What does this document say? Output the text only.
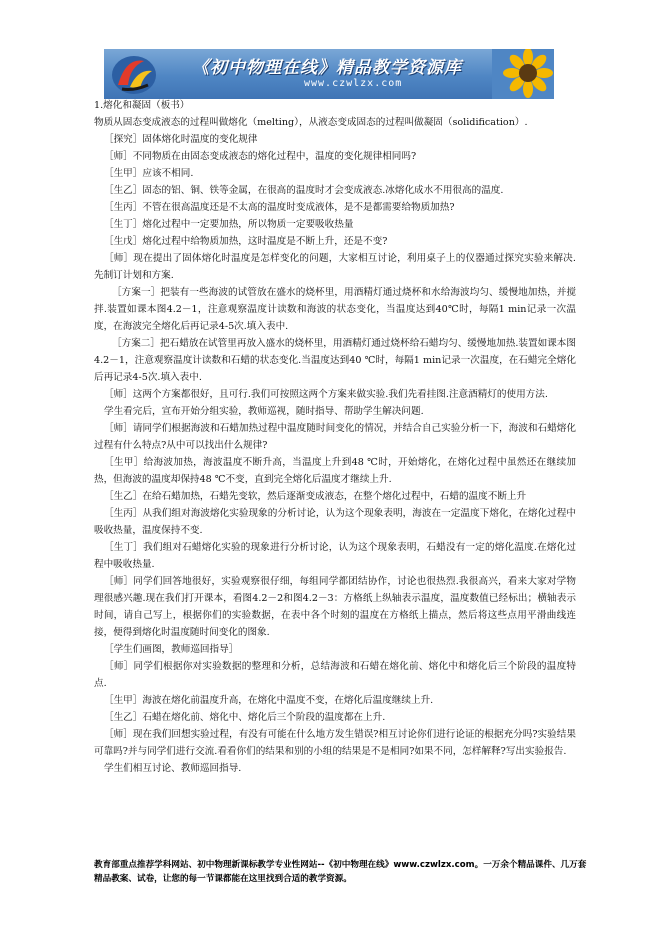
《初中物理在线》精品教学资源库
www.czwlzx.com

1.熔化和凝固（板书）

物质从固态变成液态的过程叫做熔化（melting），从液态变成固态的过程叫做凝固（solidification）.

［探究］固体熔化时温度的变化规律

［师］不同物质在由固态变成液态的熔化过程中，温度的变化规律相同吗?

［生甲］应该不相同.

［生乙］固态的铝、铜、铁等金属，在很高的温度时才会变成液态.冰熔化成水不用很高的温度.

［生丙］不管在很高温度还是不太高的温度时变成液体，是不是都需要给物质加热?

［生丁］熔化过程中一定要加热，所以物质一定要吸收热量

［生戊］熔化过程中给物质加热，这时温度是不断上升，还是不变?

［师］现在提出了固体熔化时温度是怎样变化的问题，大家相互讨论，利用桌子上的仪器通过探究实验来解决.先制订计划和方案.

［方案一］把装有一些海波的试管放在盛水的烧杯里，用酒精灯通过烧杯和水给海波均匀、缓慢地加热，并搅拌.装置如课本图4.2－1，注意观察温度计读数和海波的状态变化，当温度达到40℃时，每隔1 min记录一次温度，在海波完全熔化后再记录4-5次.填入表中.

［方案二］把石蜡放在试管里再放入盛水的烧杯里，用酒精灯通过烧杯给石蜡均匀、缓慢地加热.装置如课本图4.2－1，注意观察温度计读数和石蜡的状态变化.当温度达到40 ℃时，每隔1 min记录一次温度，在石蜡完全熔化后再记录4-5次.填入表中.

［师］这两个方案都很好，且可行.我们可按照这两个方案来做实验.我们先看挂图.注意酒精灯的使用方法.

学生看完后，宣布开始分组实验，教师巡视，随时指导、帮助学生解决问题.

［师］请同学们根据海波和石蜡加热过程中温度随时间变化的情况，并结合自己实验分析一下，海波和石蜡熔化过程有什么特点?从中可以找出什么规律?

［生甲］给海波加热，海波温度不断升高，当温度上升到48 ℃时，开始熔化，在熔化过程中虽然还在继续加热，但海波的温度却保持48 ℃不变，直到完全熔化后温度才继续上升.

［生乙］在给石蜡加热，石蜡先变软，然后逐渐变成液态，在整个熔化过程中，石蜡的温度不断上升

［生丙］从我们组对海波熔化实验现象的分析讨论，认为这个现象表明，海波在一定温度下熔化，在熔化过程中吸收热量，温度保持不变.

［生丁］我们组对石蜡熔化实验的现象进行分析讨论，认为这个现象表明，石蜡没有一定的熔化温度.在熔化过程中吸收热量.

［师］同学们回答地很好，实验观察很仔细，每组同学都团结协作，讨论也很热烈.我很高兴，看来大家对学物理很感兴趣.现在我们打开课本，看图4.2－2和图4.2－3：方格纸上纵轴表示温度，温度数值已经标出；横轴表示时间，请自己写上，根据你们的实验数据，在表中各个时刻的温度在方格纸上描点，然后将这些点用平滑曲线连接，便得到熔化时温度随时间变化的图象.

［学生们画图，教师巡回指导］

［师］同学们根据你对实验数据的整理和分析，总结海波和石蜡在熔化前、熔化中和熔化后三个阶段的温度特点.

［生甲］海波在熔化前温度升高，在熔化中温度不变，在熔化后温度继续上升.

［生乙］石蜡在熔化前、熔化中、熔化后三个阶段的温度都在上升.

［师］现在我们回想实验过程，有没有可能在什么地方发生错误?相互讨论你们进行论证的根据充分吗?实验结果可靠吗?并与同学们进行交流.看看你们的结果和别的小组的结果是不是相同?如果不同，怎样解释?写出实验报告.

学生们相互讨论、教师巡回指导.

教育部重点推荐学科网站、初中物理新课标教学专业性网站--《初中物理在线》www.czwlzx.com。一万余个精品课件、几万套精品教案、试卷，让您的每一节课都能在这里找到合适的教学资源。
